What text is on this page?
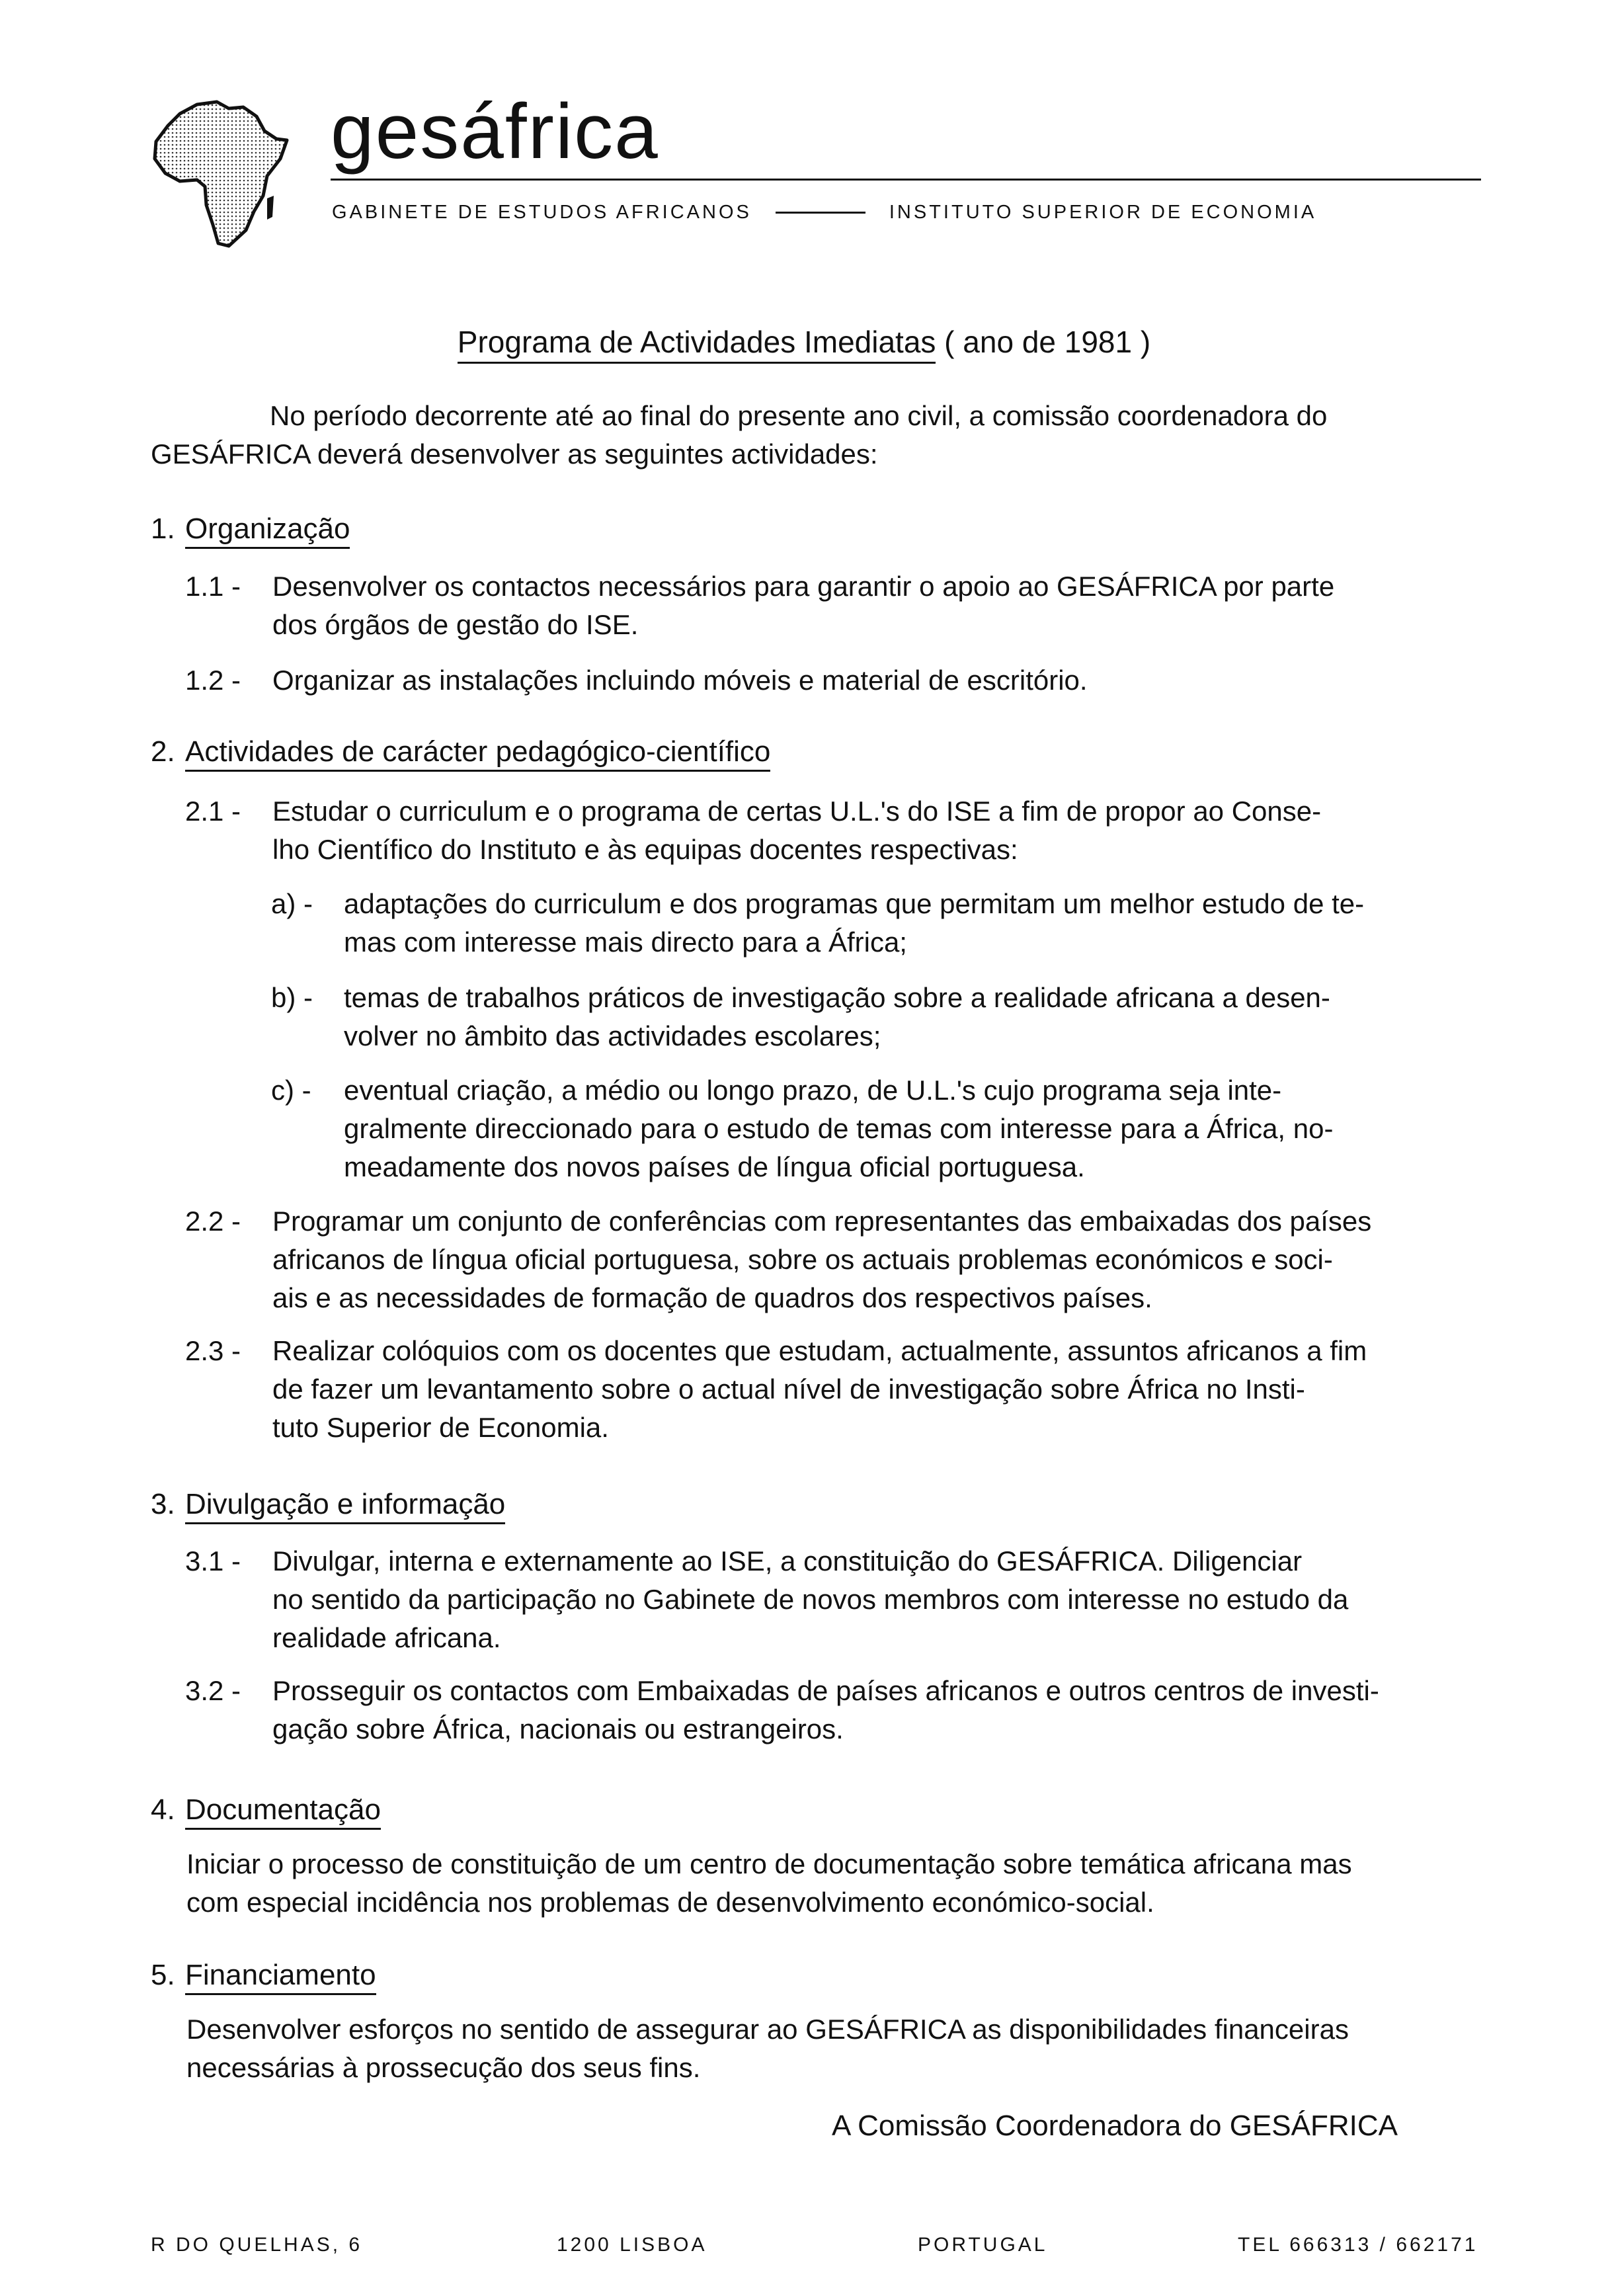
gesáfrica
GABINETE DE ESTUDOS AFRICANOS	INSTITUTO SUPERIOR DE ECONOMIA
Programa de Actividades Imediatas ( ano de 1981 )
No período decorrente até ao final do presente ano civil, a comissão coordenadora do
GESÁFRICA deverá desenvolver as seguintes actividades:
1. Organização
1.1 - Desenvolver os contactos necessários para garantir o apoio ao GESÁFRICA por parte
dos órgãos de gestão do ISE.
1.2 - Organizar as instalações incluindo móveis e material de escritório.
2. Actividades de carácter pedagógico-científico
2.1 - Estudar o curriculum e o programa de certas U.L.'s do ISE a fim de propor ao Conse-
lho Científico do Instituto e às equipas docentes respectivas:
a) - adaptações do curriculum e dos programas que permitam um melhor estudo de te-
mas com interesse mais directo para a África;
b) - temas de trabalhos práticos de investigação sobre a realidade africana a desen-
volver no âmbito das actividades escolares;
c) - eventual criação, a médio ou longo prazo, de U.L.'s cujo programa seja inte-
gralmente direccionado para o estudo de temas com interesse para a África, no-
meadamente dos novos países de língua oficial portuguesa.
2.2 - Programar um conjunto de conferências com representantes das embaixadas dos países
africanos de língua oficial portuguesa, sobre os actuais problemas económicos e soci-
ais e as necessidades de formação de quadros dos respectivos países.
2.3 - Realizar colóquios com os docentes que estudam, actualmente, assuntos africanos a fim
de fazer um levantamento sobre o actual nível de investigação sobre África no Insti-
tuto Superior de Economia.
3. Divulgação e informação
3.1 - Divulgar, interna e externamente ao ISE, a constituição do GESÁFRICA. Diligenciar
no sentido da participação no Gabinete de novos membros com interesse no estudo da
realidade africana.
3.2 - Prosseguir os contactos com Embaixadas de países africanos e outros centros de investi-
gação sobre África, nacionais ou estrangeiros.
4. Documentação
Iniciar o processo de constituição de um centro de documentação sobre temática africana mas
com especial incidência nos problemas de desenvolvimento económico-social.
5. Financiamento
Desenvolver esforços no sentido de assegurar ao GESÁFRICA as disponibilidades financeiras
necessárias à prossecução dos seus fins.
A Comissão Coordenadora do GESÁFRICA
R DO QUELHAS, 6	1200 LISBOA	PORTUGAL	TEL 666313 / 662171
